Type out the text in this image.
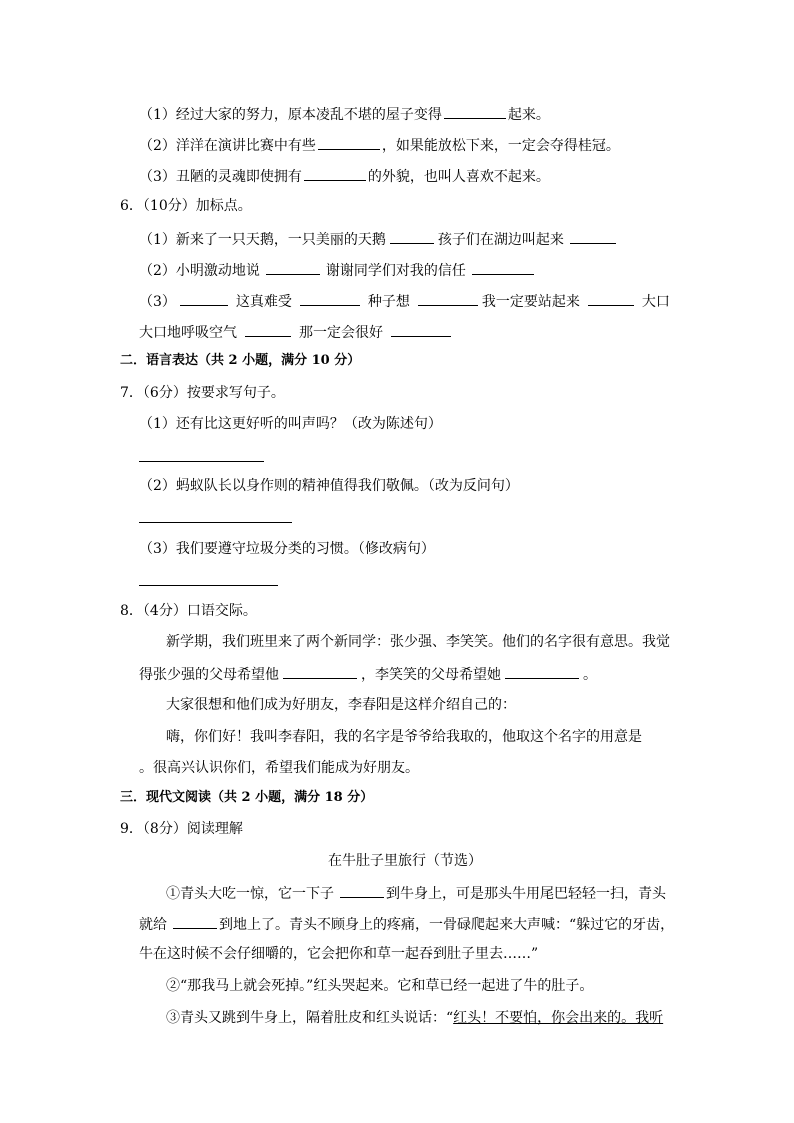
（1）经过大家的努力，原本凌乱不堪的屋子变得	起来。
（2）洋洋在演讲比赛中有些	，如果能放松下来，一定会夺得桂冠。
（3）丑陋的灵魂即使拥有	的外貌，也叫人喜欢不起来。
6．（10分）加标点。
（1）新来了一只天鹅，一只美丽的天鹅	孩子们在湖边叫起来
（2）小明激动地说	谢谢同学们对我的信任
（3）	这真难受	种子想	我一定要站起来	大口
大口地呼吸空气	那一定会很好
二．语言表达（共 2 小题，满分 10 分）
7．（6分）按要求写句子。
（1）还有比这更好听的叫声吗？（改为陈述句）
（2）蚂蚁队长以身作则的精神值得我们敬佩。（改为反问句）
（3）我们要遵守垃圾分类的习惯。（修改病句）
8．（4分）口语交际。
新学期，我们班里来了两个新同学：张少强、李笑笑。他们的名字很有意思。我觉
得张少强的父母希望他	，李笑笑的父母希望她	。
大家很想和他们成为好朋友，李春阳是这样介绍自己的：
嗨，你们好！我叫李春阳，我的名字是爷爷给我取的，他取这个名字的用意是
。很高兴认识你们，希望我们能成为好朋友。
三．现代文阅读（共 2 小题，满分 18 分）
9．（8分）阅读理解
在牛肚子里旅行（节选）
①青头大吃一惊，它一下子	到牛身上，可是那头牛用尾巴轻轻一扫，青头
就给	到地上了。青头不顾身上的疼痛，一骨碌爬起来大声喊：“躲过它的牙齿，
牛在这时候不会仔细嚼的，它会把你和草一起吞到肚子里去……”
②“那我马上就会死掉。”红头哭起来。它和草已经一起进了牛的肚子。
③青头又跳到牛身上，隔着肚皮和红头说话：“红头！不要怕，你会出来的。我听
